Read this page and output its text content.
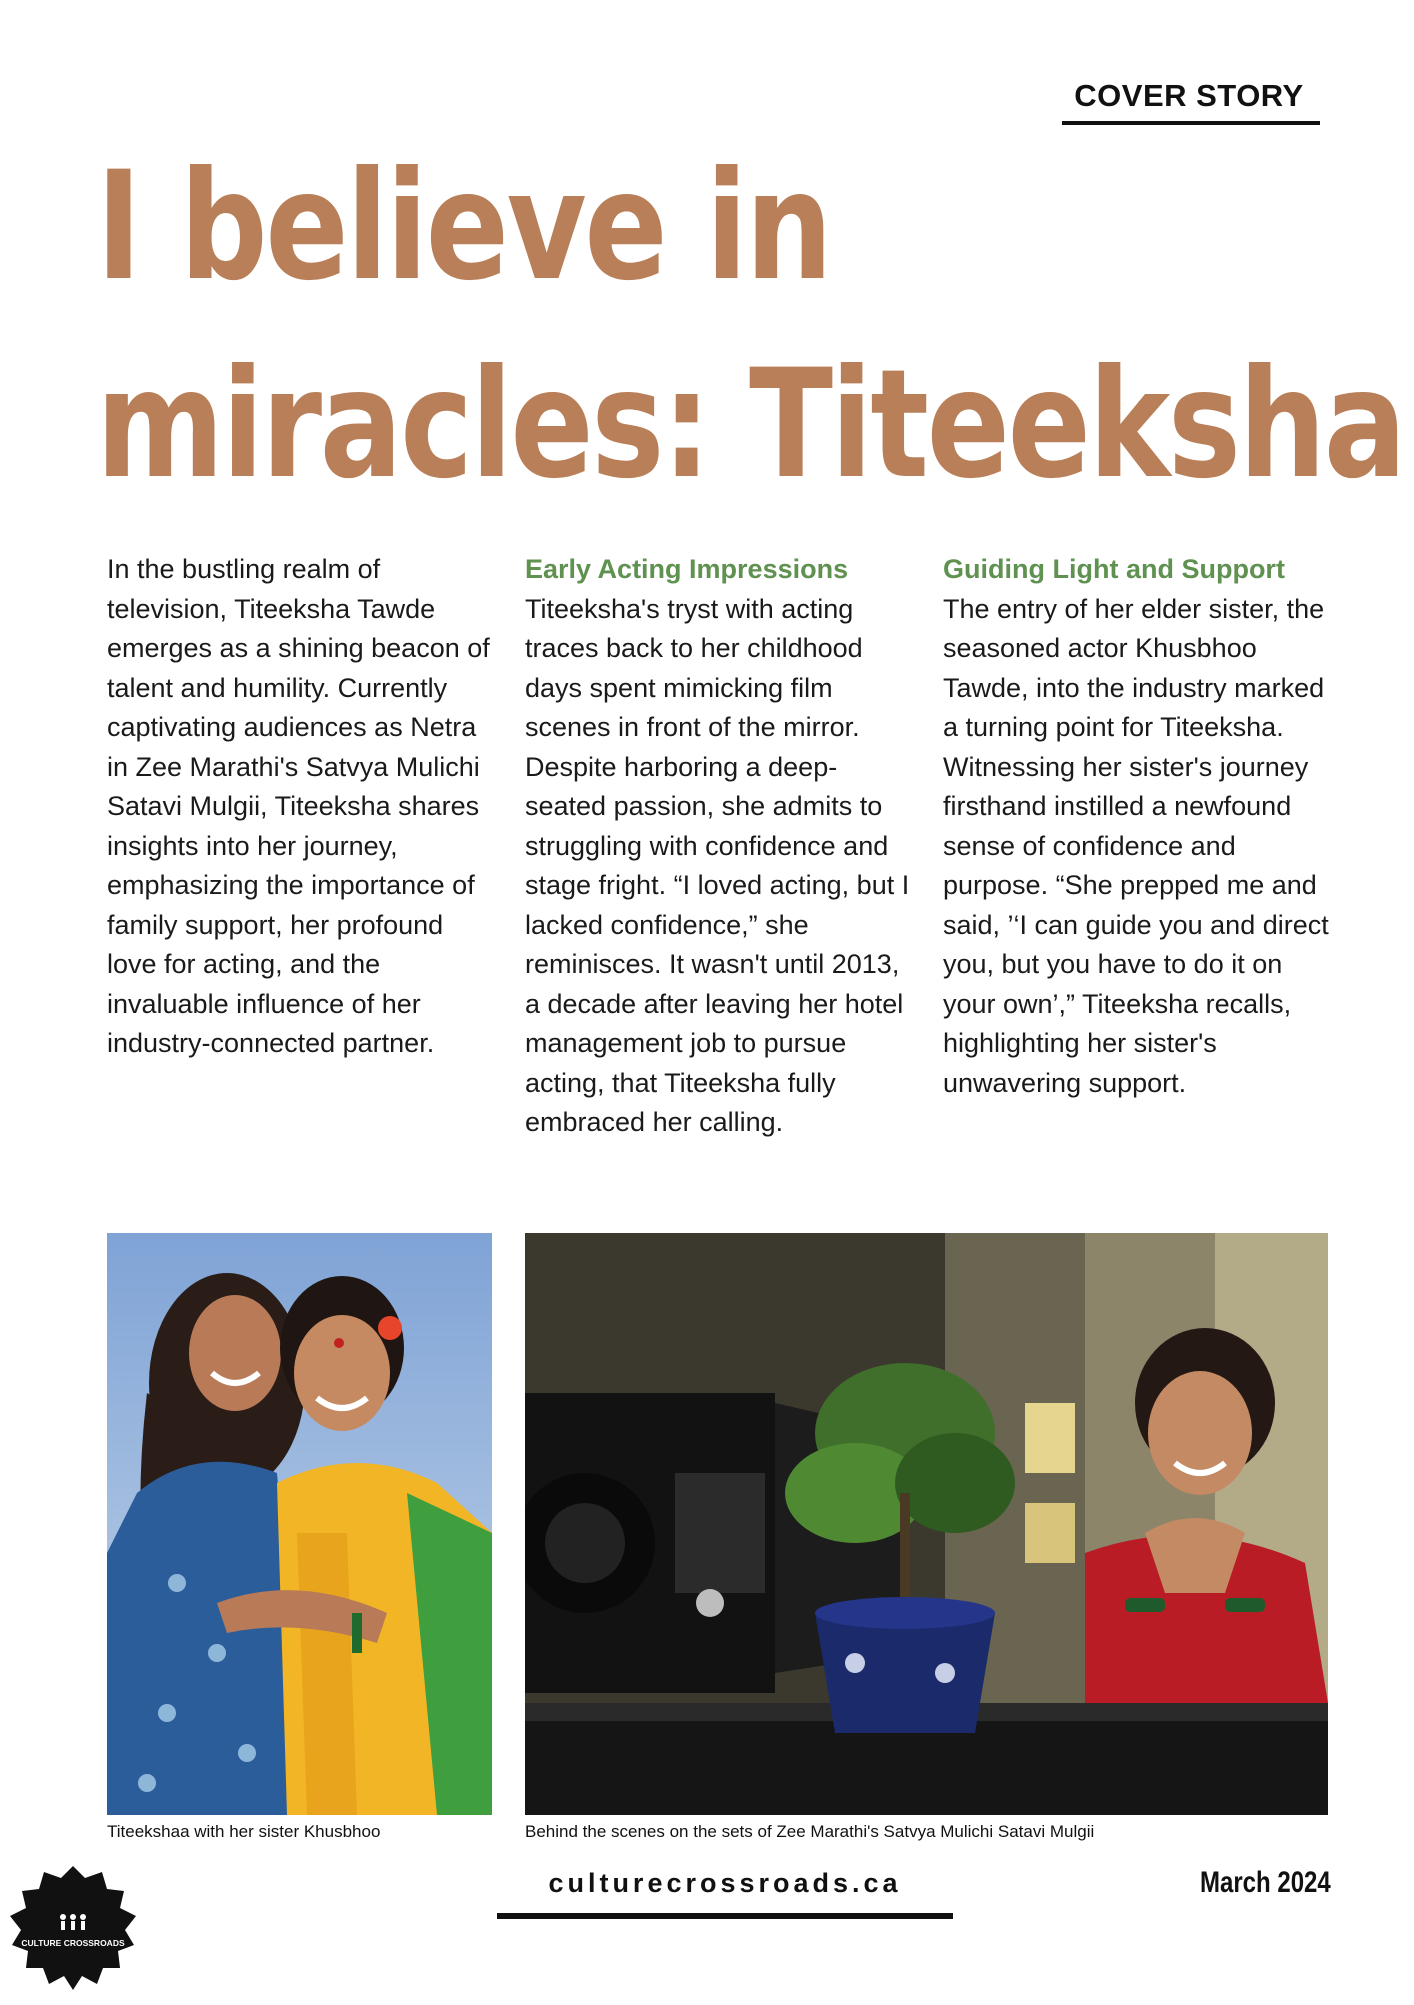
COVER STORY
I believe in
miracles: Titeeksha

In the bustling realm of television, Titeeksha Tawde emerges as a shining beacon of talent and humility. Currently captivating audiences as Netra in Zee Marathi's Satvya Mulichi Satavi Mulgii, Titeeksha shares insights into her journey, emphasizing the importance of family support, her profound love for acting, and the invaluable influence of her industry-connected partner.

Early Acting Impressions

Titeeksha's tryst with acting traces back to her childhood days spent mimicking film scenes in front of the mirror. Despite harboring a deep-seated passion, she admits to struggling with confidence and stage fright. “I loved acting, but I lacked confidence,” she reminisces. It wasn't until 2013, a decade after leaving her hotel management job to pursue acting, that Titeeksha fully embraced her calling.

Guiding Light and Support

The entry of her elder sister, the seasoned actor Khusbhoo Tawde, into the industry marked a turning point for Titeeksha. Witnessing her sister's journey firsthand instilled a newfound sense of confidence and purpose. “She prepped me and said, ’‘I can guide you and direct you, but you have to do it on your own’,” Titeeksha recalls, highlighting her sister's unwavering support.

Titeekshaa with her sister Khusbhoo	Behind the scenes on the sets of Zee Marathi's Satvya Mulichi Satavi Mulgii
culturecrossroads.ca	March 2024
CULTURE CROSSROADS
